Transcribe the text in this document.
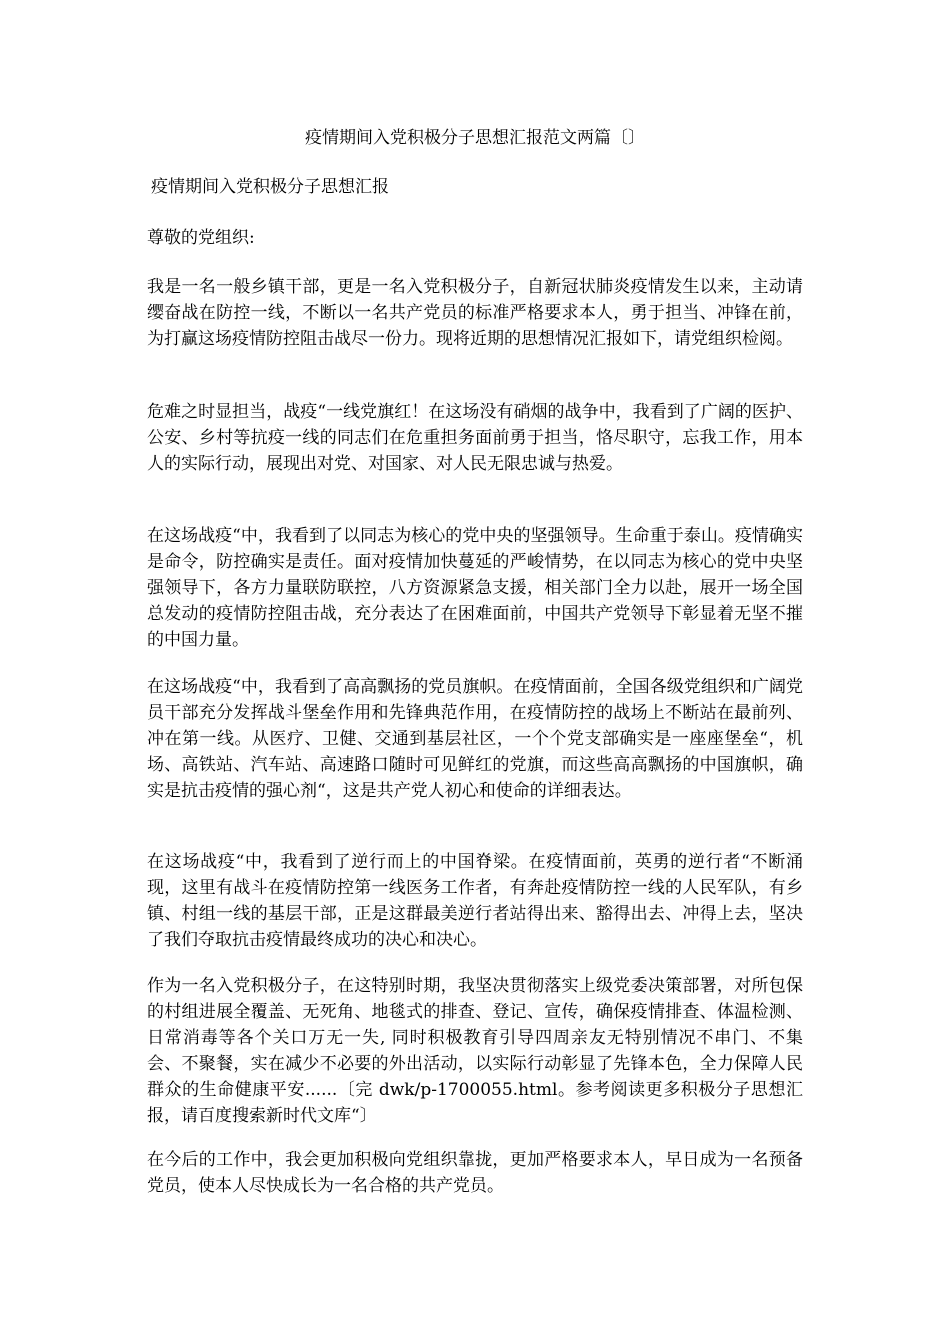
疫情期间入党积极分子思想汇报范文两篇〔〕
疫情期间入党积极分子思想汇报

尊敬的党组织:

我是一名一般乡镇干部，更是一名入党积极分子，自新冠状肺炎疫情发生以来，主动请缨奋战在防控一线，不断以一名共产党员的标准严格要求本人，勇于担当、冲锋在前，为打赢这场疫情防控阻击战尽一份力。现将近期的思想情况汇报如下，请党组织检阅。

危难之时显担当，战疫“一线党旗红！在这场没有硝烟的战争中，我看到了广阔的医护、公安、乡村等抗疫一线的同志们在危重担务面前勇于担当，恪尽职守，忘我工作，用本人的实际行动，展现出对党、对国家、对人民无限忠诚与热爱。

在这场战疫“中，我看到了以同志为核心的党中央的坚强领导。生命重于泰山。疫情确实是命令，防控确实是责任。面对疫情加快蔓延的严峻情势，在以同志为核心的党中央坚强领导下，各方力量联防联控，八方资源紧急支援，相关部门全力以赴，展开一场全国总发动的疫情防控阻击战，充分表达了在困难面前，中国共产党领导下彰显着无坚不摧的中国力量。

在这场战疫“中，我看到了高高飘扬的党员旗帜。在疫情面前，全国各级党组织和广阔党员干部充分发挥战斗堡垒作用和先锋典范作用，在疫情防控的战场上不断站在最前列、冲在第一线。从医疗、卫健、交通到基层社区，一个个党支部确实是一座座堡垒“，机场、高铁站、汽车站、高速路口随时可见鲜红的党旗，而这些高高飘扬的中国旗帜，确实是抗击疫情的强心剂“，这是共产党人初心和使命的详细表达。

在这场战疫“中，我看到了逆行而上的中国脊梁。在疫情面前，英勇的逆行者“不断涌现，这里有战斗在疫情防控第一线医务工作者，有奔赴疫情防控一线的人民军队，有乡镇、村组一线的基层干部，正是这群最美逆行者站得出来、豁得出去、冲得上去，坚决了我们夺取抗击疫情最终成功的决心和决心。

作为一名入党积极分子，在这特别时期，我坚决贯彻落实上级党委决策部署，对所包保的村组进展全覆盖、无死角、地毯式的排查、登记、宣传，确保疫情排查、体温检测、日常消毒等各个关口万无一失, 同时积极教育引导四周亲友无特别情况不串门、不集会、不聚餐，实在减少不必要的外出活动，以实际行动彰显了先锋本色，全力保障人民群众的生命健康平安......〔完 dwk/p-1700055.html。参考阅读更多积极分子思想汇报，请百度搜索新时代文库“〕

在今后的工作中，我会更加积极向党组织靠拢，更加严格要求本人，早日成为一名预备党员，使本人尽快成长为一名合格的共产党员。
